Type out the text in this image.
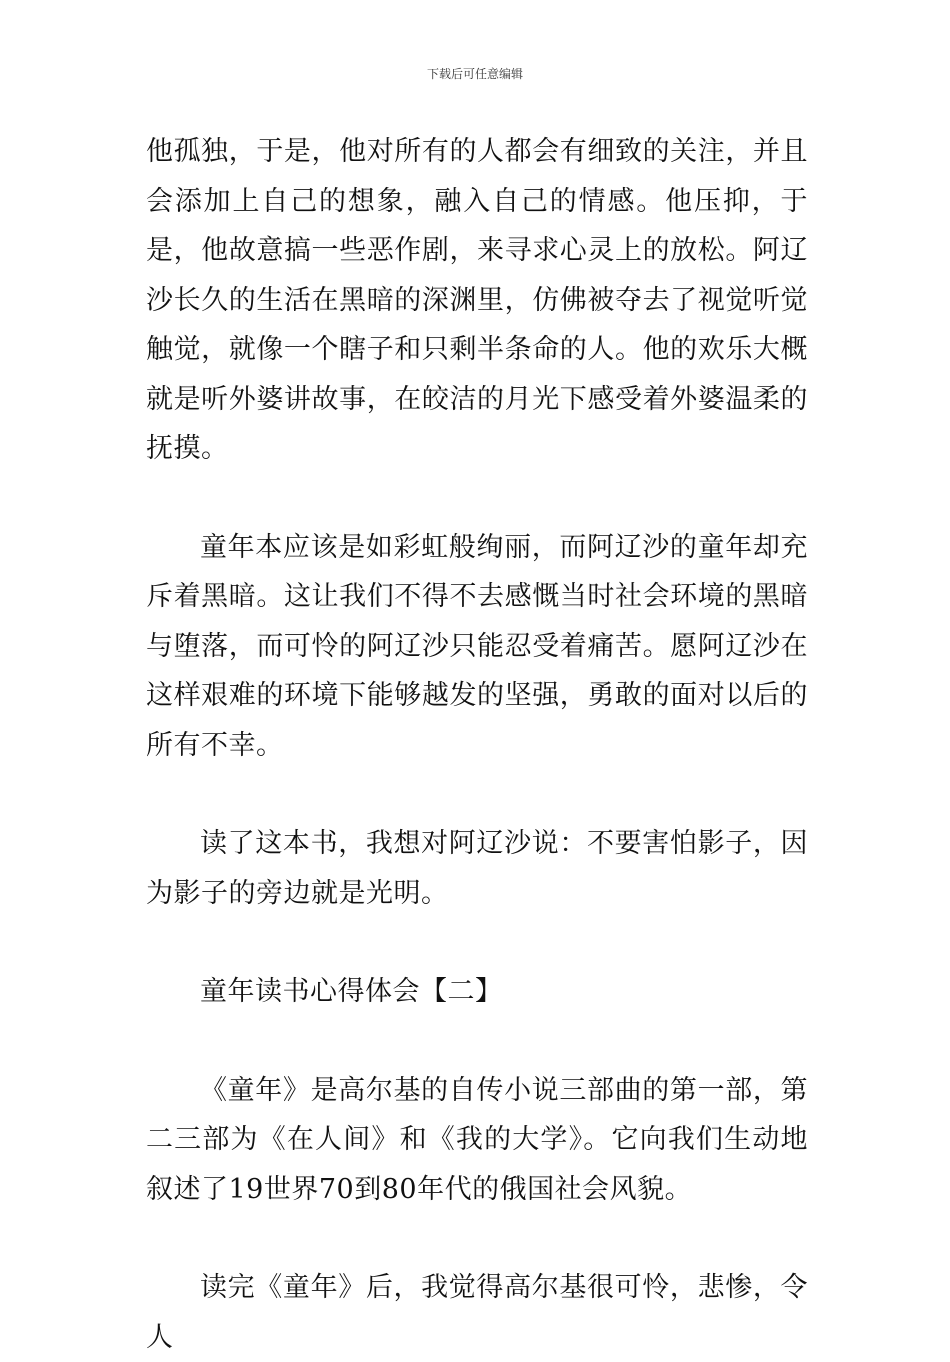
下载后可任意编辑

他孤独，于是，他对所有的人都会有细致的关注，并且会添加上自己的想象，融入自己的情感。他压抑，于是，他故意搞一些恶作剧，来寻求心灵上的放松。阿辽沙长久的生活在黑暗的深渊里，仿佛被夺去了视觉听觉触觉，就像一个瞎子和只剩半条命的人。他的欢乐大概就是听外婆讲故事，在皎洁的月光下感受着外婆温柔的抚摸。

童年本应该是如彩虹般绚丽，而阿辽沙的童年却充斥着黑暗。这让我们不得不去感慨当时社会环境的黑暗与堕落，而可怜的阿辽沙只能忍受着痛苦。愿阿辽沙在这样艰难的环境下能够越发的坚强，勇敢的面对以后的所有不幸。

读了这本书，我想对阿辽沙说：不要害怕影子，因为影子的旁边就是光明。

童年读书心得体会【二】

《童年》是高尔基的自传小说三部曲的第一部，第二三部为《在人间》和《我的大学》。它向我们生动地叙述了19世界70到80年代的俄国社会风貌。

读完《童年》后，我觉得高尔基很可怜，悲惨，令人
